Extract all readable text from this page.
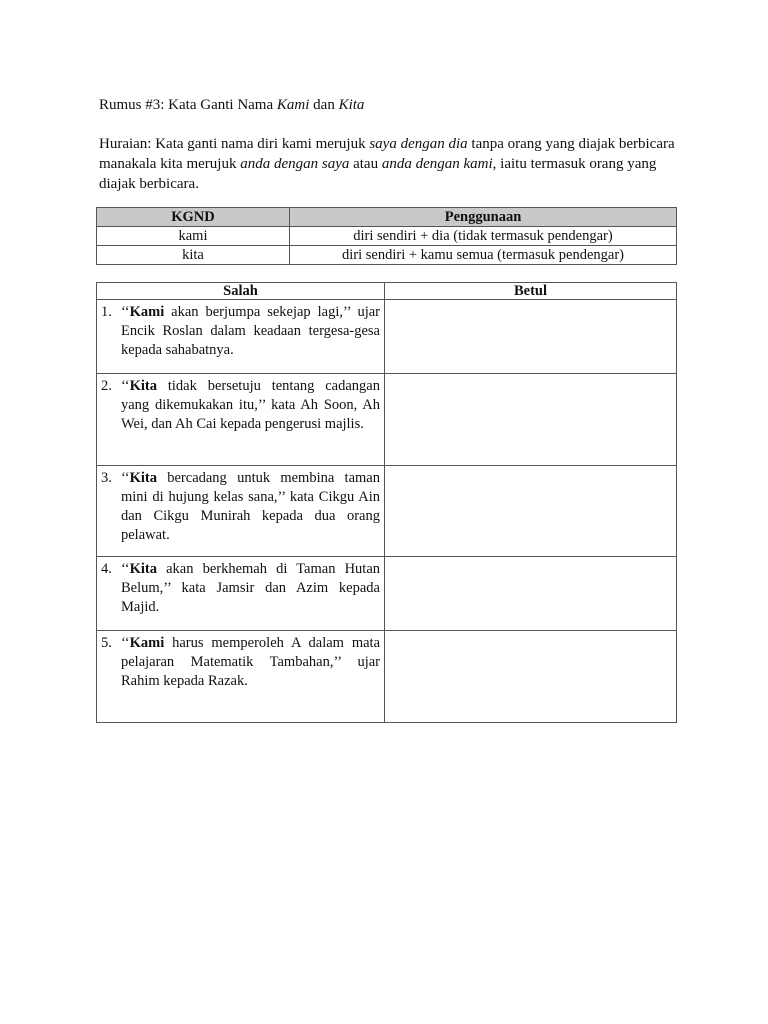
Rumus #3: Kata Ganti Nama Kami dan Kita
Huraian: Kata ganti nama diri kami merujuk saya dengan dia tanpa orang yang diajak berbicara manakala kita merujuk anda dengan saya atau anda dengan kami, iaitu termasuk orang yang diajak berbicara.
KGND	Penggunaan
kami	diri sendiri + dia (tidak termasuk pendengar)
kita	diri sendiri + kamu semua (termasuk pendengar)
Salah	Betul

1. ‘‘Kami akan berjumpa sekejap lagi,’’ ujar Encik Roslan dalam keadaan tergesa-gesa kepada sahabatnya.	

2. ‘‘Kita tidak bersetuju tentang cadangan yang dikemukakan itu,’’ kata Ah Soon, Ah Wei, dan Ah Cai kepada pengerusi majlis.	

3. ‘‘Kita bercadang untuk membina taman mini di hujung kelas sana,’’ kata Cikgu Ain dan Cikgu Munirah kepada dua orang pelawat.	

4. ‘‘Kita akan berkhemah di Taman Hutan Belum,’’ kata Jamsir dan Azim kepada Majid.	

5. ‘‘Kami harus memperoleh A dalam mata pelajaran Matematik Tambahan,’’ ujar Rahim kepada Razak.	
